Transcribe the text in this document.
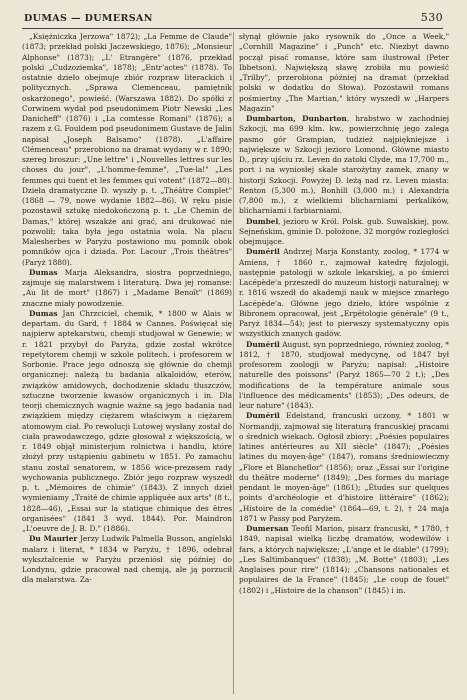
DUMAS — DUMERSAN	530

„Księżniczka Jerzowa" 1872); „La Femme de Claude" (1873; przekład polski Jaczewskiego, 1876); „Monsieur Alphonse" (1873); „L' Etrangère" (1876, przekład polski „Cudzoziemka", 1878); „Entr'actes" (1878). To ostatnie dzieło obejmuje zbiór rozpraw literackich i politycznych. „Sprawa Clemenceau, pamiętnik oskarżonego", powieść. (Warszawa 1882). Do spółki z Corwinem wydał pod pseudonimem Piotr Newski „Les Danicheff" (1876) i „La comtesse Romani" (1876); a razem z G. Fouldem pod pseudonimem Gustave de Jalin napisał „Joseph Balsamo" (1878). „L'affaire Clémenceau" przerobiono na dramat wydany w r. 1890; szereg broszur: „Une lettre" i „Nouvelles lettres sur les choses du jour", „L'homme-femme", „Tue-la!" „Les femmes qui tuent et les femmes qui votent" (1872—80). Dzieła dramatyczne D. wyszły p. t. „Théâtre Complet" (1868 — 79, nowe wydanie 1882—86). W ręku pisie pozostawił sztukę niedokończoną p. t. „Le Chemin de Damas," której wszakże ani grać, ani drukować nie pozwolił; taka była jego ostatnia wola. Na placu Malesherbes w Paryżu postawiono mu pomnik obok pomników ojca i dziada. Por. Lacour „Trois théâtres" (Paryż 1880).

Dumas Marja Aleksandra, siostra poprzedniego, zajmuje się malarstwem i literaturą. Dwa jej romanse: „Au lit de mort" (1867) i „Madame Benoît" (1869) znaczne miały powodzenie.

Dumas Jan Chrzciciel, chemik, * 1800 w Alais w departam. du Gard, † 1884 w Cannes. Poświęcał się najpierw aptekarstwu, chemji studjował w Genewie; w r. 1821 przybył do Paryża, gdzie został wkrótce repetytorem chemji w szkole politech. i profesorem w Sorbonie. Prace jego odnoszą się głównie do chemji organicznej: należą tu badania alkaloidów, eterów, związków amidowych, dochodzenie składu tłuszczów, sztuczne tworzenie kwasów organicznych i in. Dla teorji chemicznych wagnie ważne są jego badania nad związkiem między ciężarem właściwym a ciężarem atomowym ciał. Po rewolucji Lutowej wysłany został do ciała prawodawczego, gdzie głosował z większością, w r. 1849 objął ministerjum rolnictwa i handlu, które złożył przy ustąpieniu gabinetu w 1851. Po zamachu stanu został senatorem, w 1856 wice-prezesem rady wychowania publicznego. Zbiór jego rozpraw wyszedł p. t. „Mémoires de chimie" (1843). Z innych dzieł wymieniamy „Traité de chimie appliquée aux arts" (8 t., 1828—46), „Essai sur la statique chimique des êtres organisées" (1841 3 wyd. 1844). Por. Maindron „L'oeuvre de J. B. D." (1886).

Du Maurier Jerzy Ludwik Palmella Busson, angielski malarz i literat, * 1834 w Paryżu, † 1896, odebrał wykształcenie w Paryżu przeniósł się później do Londynu, gdzie pracował nad chemją, ale ją porzucił dla malarstwa. Za-

słynął głównie jako rysownik do „Once a Week," „Cornhill Magazine" i „Punch" etc. Niezbyt dawno począł pisać romanse, które sam ilustrował (Peter Ibbetson). Największą sławę zrobiła mu powieść „Trilby", przerobiona później na dramat (przekład polski w dodatku do Słowa). Pozostawił romans pośmiertny „The Martian," który wyszedł w „Harpers Magazin"

Dumbarton, Dunbarton, hrabstwo w zachodniej Szkocji, ma 699 klm. kw., powierzchnię jego zalega pasmo gór Grampian, tudzież najpiękniejsze i największe w Szkocji jezioro Lomond. Główne miasto D., przy ujściu rz. Leven do zatoki Clyde, ma 17,700 m., port i na wyniosłej skale starożytny zamek, znany w historji Szkocji. Powyżej D. leżą nad rz. Leven miasta: Renton (5,300 m.), Bonhill (3,000 m.) i Alexandria (7,800 m.), z wielkiemi blicharniami perkalików, blicharniami i farbiarniami.

Dumbel, jezioro w Król. Polsk. gub. Suwalskiej, pow. Sejneńskim, gminie D. położone, 32 morgów rozległości obejmujące.

Duméril Andrzej Marja Konstanty, zoolog, * 1774 w Amiens, † 1860 r., zajmował katedrę fizjologji, następnie patologji w szkole lekarskiej, a po śmierci Lacépède'a przeszedł do muzeum historji naturalnej; w r. 1816 wszedł do akademji nauk w miejsce zmarłego Lacépède'a. Główne jego dzieło, które wspólnie z Bibronem opracował, jest „Erpétologie générale" (9 t., Paryż 1834—54); jest to pierwszy systematyczny opis wszystkich znanych gadów.

Duméril August, syn poprzedniego, również zoolog, * 1812, † 1870, studjował medycynę, od 1847 był profesorem zoologji w Paryżu; napisał: „Histoire naturelle des poissons" (Paryż 1865—70 2 t.); „Des modifications de la température animale sous l'influence des médicaments" (1853); „Des odeurs, de leur nature" (1843).

Duméril Edelstand, francuski uczony, * 1801 w Normandji, zajmował się literaturą francuskiej pracami o średnich wiekach. Ogłosił zbiory: „Poésies populaires latines antérieures au XII siècle" (1847); „Poésies latines du moyen-âge" (1847), romans średniowieczny „Flore et Blancheflor" (1856); oraz „Essai sur l'origine du théâtre moderne" (1849); „Des formes du mariage pendant le moyen-âge" (1861); „Études sur quelques points d'archéologie et d'histoire littéraire" (1862); „Histoire de la comédie" (1864—69, t. 2), † 24 maja 1871 w Passy pod Paryżem.

Dumersan Teofil Marion, pisarz francuski, * 1780, † 1849, napisał wielką liczbę dramatów, wodewilów i fars, a których największe; „L'ange et le diable" (1799); „Les Saltimbanques" (1838); „M. Botte" (1803); „Les Anglaises pour rire" (1814); „Chansons nationales et populaires de la France" (1845); „Le coup de fouet" (1802) i „Histoire de la chanson" (1845) i in.
